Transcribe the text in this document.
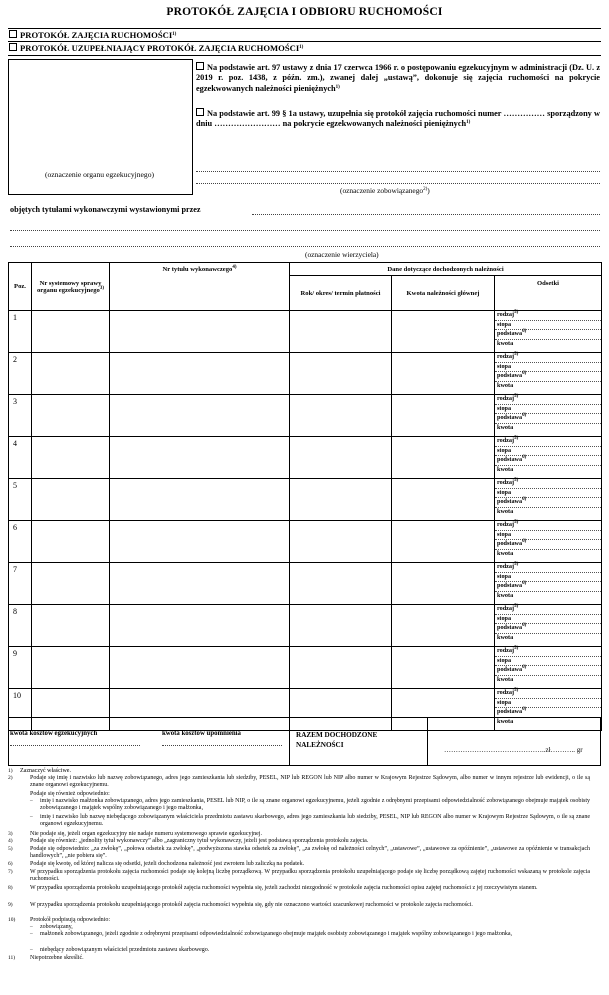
PROTOKÓŁ ZAJĘCIA I ODBIORU RUCHOMOŚCI
PROTOKÓŁ ZAJĘCIA RUCHOMOŚCI$^{1)}$
PROTOKÓŁ UZUPEŁNIAJĄCY PROTOKÓŁ ZAJĘCIA RUCHOMOŚCI$^{1)}$
(oznaczenie organu egzekucyjnego)
Na podstawie art. 97 ustawy z dnia 17 czerwca 1966 r. o postępowaniu egzekucyjnym w administracji (Dz. U. z 2019 r. poz. 1438, z późn. zm.), zwanej dalej „ustawą”, dokonuje się zajęcia ruchomości na pokrycie egzekwowanych należności pieniężnych$^{1)}$
Na podstawie art. 99 § 1a ustawy, uzupełnia się protokół zajęcia ruchomości numer …………… sporządzony w dniu …………………… na pokrycie egzekwowanych należności pieniężnych$^{1)}$
(oznaczenie zobowiązanego$^{2)}$)
objętych tytułami wykonawczymi wystawionymi przez
(oznaczenie wierzyciela)
Poz.	Nr systemowy sprawy organu egzekucyjnego$^{3)}$	Nr tytułu wykonawczego$^{4)}$	Dane dotyczące dochodzonych należności		
			Rok/ okres/ termin płatności	Kwota należności głównej	Odsetki
1					rodzaj$^{5)}$
stopa
podstawa$^{6)}$
kwota

2					rodzaj$^{5)}$
stopa
podstawa$^{6)}$
kwota

3					rodzaj$^{5)}$
stopa
podstawa$^{6)}$
kwota

4					rodzaj$^{5)}$
stopa
podstawa$^{6)}$
kwota

5					rodzaj$^{5)}$
stopa
podstawa$^{6)}$
kwota

6					rodzaj$^{5)}$
stopa
podstawa$^{6)}$
kwota

7					rodzaj$^{5)}$
stopa
podstawa$^{6)}$
kwota

8					rodzaj$^{5)}$
stopa
podstawa$^{6)}$
kwota

9					rodzaj$^{5)}$
stopa
podstawa$^{6)}$
kwota

10					rodzaj$^{5)}$
stopa
podstawa$^{6)}$
kwota
kwota kosztów egzekucyjnych	kwota kosztów upomnienia	RAZEM DOCHODZONE NALEŻNOŚCI
……………………………………..zł……….. gr
1) Zaznaczyć właściwe.
2)	Podaje się imię i nazwisko lub nazwę zobowiązanego, adres jego zamieszkania lub siedziby, PESEL, NIP lub REGON lub NIP albo numer w Krajowym Rejestrze Sądowym, albo numer w innym rejestrze lub ewidencji, o ile są znane organowi egzekucyjnemu.
Podaje się również odpowiednio:
– imię i nazwisko małżonka zobowiązanego, adres jego zamieszkania, PESEL lub NIP, o ile są znane organowi egzekucyjnemu, jeżeli zgodnie z odrębnymi przepisami odpowiedzialność zobowiązanego obejmuje majątek osobisty zobowiązanego i majątek wspólny zobowiązanego i jego małżonka,
– imię i nazwisko lub nazwę niebędącego zobowiązanym właściciela przedmiotu zastawu skarbowego, adres jego zamieszkania lub siedziby, PESEL, NIP lub REGON albo numer w Krajowym Rejestrze Sądowym, o ile są znane organowi egzekucyjnemu.
3)	Nie podaje się, jeżeli organ egzekucyjny nie nadaje numeru systemowego sprawie egzekucyjnej.
4)	Podaje się również: „jednolity tytuł wykonawczy” albo „zagraniczny tytuł wykonawczy, jeżeli jest podstawą sporządzenia protokołu zajęcia.
5)	Podaje się odpowiednio: „za zwłokę”, „połowa odsetek za zwłokę”, „podwyższona stawka odsetek za zwłokę”, „za zwłokę od należności celnych”, „ustawowe”, „ustawowe za opóźnienie”, „ustawowe za opóźnienie w transakcjach handlowych”, „nie pobiera się”.
6)	Podaje się kwotę, od której nalicza się odsetki, jeżeli dochodzona należność jest zwrotem lub zaliczką na podatek.
7)	W przypadku sporządzenia protokołu zajęcia ruchomości podaje się kolejną liczbę porządkową. W przypadku sporządzenia protokołu uzupełniającego podaje się liczbę porządkową zajętej ruchomości wskazaną w protokole zajęcia ruchomości.
8)	W przypadku sporządzenia protokołu uzupełniającego protokół zajęcia ruchomości wypełnia się, jeżeli zachodzi niezgodność w protokole zajęcia ruchomości opisu zajętej ruchomości z jej rzeczywistym stanem.
9)	W przypadku sporządzenia protokołu uzupełniającego protokół zajęcia ruchomości wypełnia się, gdy nie oznaczono wartości szacunkowej ruchomości w protokole zajęcia ruchomości.
10) Protokół podpisują odpowiednio:
– zobowiązany,
– małżonek zobowiązanego, jeżeli zgodnie z odrębnymi przepisami odpowiedzialność zobowiązanego obejmuje majątek osobisty zobowiązanego i majątek wspólny zobowiązanego i jego małżonka,
– niebędący zobowiązanym właściciel przedmiotu zastawu skarbowego.
11) Niepotrzebne skreślić.
